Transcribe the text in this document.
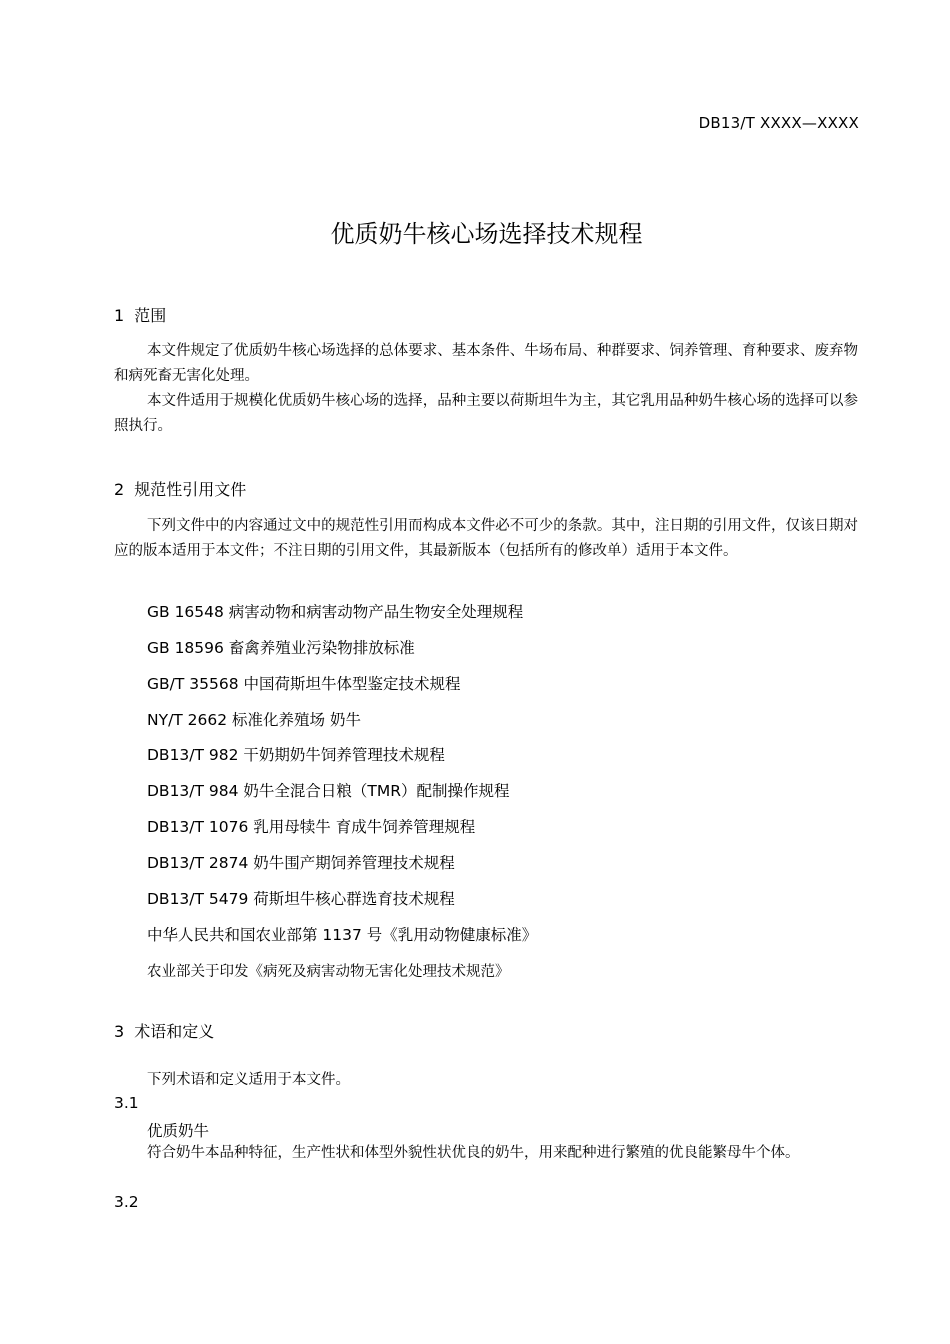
DB13/T XXXX—XXXX
优质奶牛核心场选择技术规程
1 范围

本文件规定了优质奶牛核心场选择的总体要求、基本条件、牛场布局、种群要求、饲养管理、育种要求、废弃物和病死畜无害化处理。

本文件适用于规模化优质奶牛核心场的选择，品种主要以荷斯坦牛为主，其它乳用品种奶牛核心场的选择可以参照执行。

2 规范性引用文件

下列文件中的内容通过文中的规范性引用而构成本文件必不可少的条款。其中，注日期的引用文件，仅该日期对应的版本适用于本文件；不注日期的引用文件，其最新版本（包括所有的修改单）适用于本文件。

GB 16548 病害动物和病害动物产品生物安全处理规程
GB 18596 畜禽养殖业污染物排放标准
GB/T 35568 中国荷斯坦牛体型鉴定技术规程
NY/T 2662 标准化养殖场 奶牛
DB13/T 982 干奶期奶牛饲养管理技术规程
DB13/T 984 奶牛全混合日粮（TMR）配制操作规程
DB13/T 1076 乳用母犊牛 育成牛饲养管理规程
DB13/T 2874 奶牛围产期饲养管理技术规程
DB13/T 5479 荷斯坦牛核心群选育技术规程
中华人民共和国农业部第 1137 号《乳用动物健康标准》
农业部关于印发《病死及病害动物无害化处理技术规范》
3 术语和定义

下列术语和定义适用于本文件。

3.1
优质奶牛

符合奶牛本品种特征，生产性状和体型外貌性状优良的奶牛，用来配种进行繁殖的优良能繁母牛个体。

3.2
